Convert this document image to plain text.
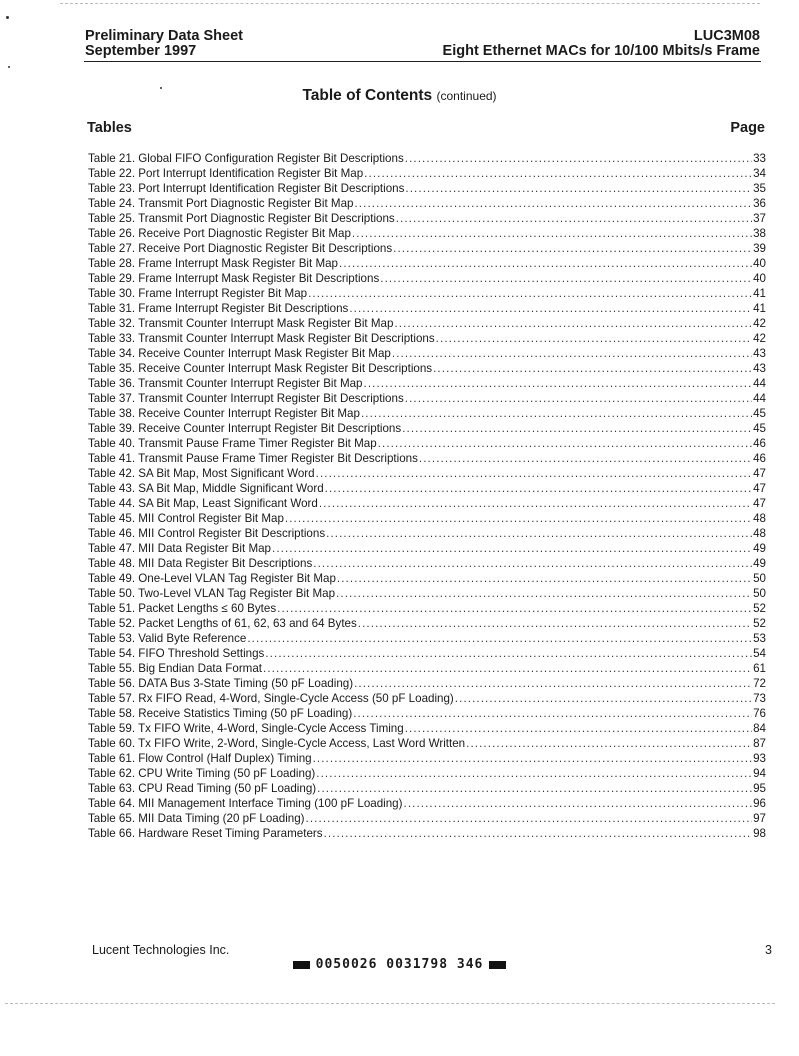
Preliminary Data Sheet
September 1997
LUC3M08
Eight Ethernet MACs for 10/100 Mbits/s Frame
Table of Contents (continued)
Tables	Page
Table 21. Global FIFO Configuration Register Bit Descriptions .....	33
Table 22. Port Interrupt Identification Register Bit Map .....	34
Table 23. Port Interrupt Identification Register Bit Descriptions .....	35
Table 24. Transmit Port Diagnostic Register Bit Map .....	36
Table 25. Transmit Port Diagnostic Register Bit Descriptions .....	37
Table 26. Receive Port Diagnostic Register Bit Map .....	38
Table 27. Receive Port Diagnostic Register Bit Descriptions .....	39
Table 28. Frame Interrupt Mask Register Bit Map .....	40
Table 29. Frame Interrupt Mask Register Bit Descriptions .....	40
Table 30. Frame Interrupt Register Bit Map .....	41
Table 31. Frame Interrupt Register Bit Descriptions .....	41
Table 32. Transmit Counter Interrupt Mask Register Bit Map .....	42
Table 33. Transmit Counter Interrupt Mask Register Bit Descriptions .....	42
Table 34. Receive Counter Interrupt Mask Register Bit Map .....	43
Table 35. Receive Counter Interrupt Mask Register Bit Descriptions .....	43
Table 36. Transmit Counter Interrupt Register Bit Map .....	44
Table 37. Transmit Counter Interrupt Register Bit Descriptions .....	44
Table 38. Receive Counter Interrupt Register Bit Map .....	45
Table 39. Receive Counter Interrupt Register Bit Descriptions .....	45
Table 40. Transmit Pause Frame Timer Register Bit Map .....	46
Table 41. Transmit Pause Frame Timer Register Bit Descriptions .....	46
Table 42. SA Bit Map, Most Significant Word .....	47
Table 43. SA Bit Map, Middle Significant Word .....	47
Table 44. SA Bit Map, Least Significant Word .....	47
Table 45. MII Control Register Bit Map .....	48
Table 46. MII Control Register Bit Descriptions .....	48
Table 47. MII Data Register Bit Map .....	49
Table 48. MII Data Register Bit Descriptions .....	49
Table 49. One-Level VLAN Tag Register Bit Map .....	50
Table 50. Two-Level VLAN Tag Register Bit Map .....	50
Table 51. Packet Lengths ≤ 60 Bytes .....	52
Table 52. Packet Lengths of 61, 62, 63 and 64 Bytes .....	52
Table 53. Valid Byte Reference .....	53
Table 54. FIFO Threshold Settings .....	54
Table 55. Big Endian Data Format .....	61
Table 56. DATA Bus 3-State Timing (50 pF Loading) .....	72
Table 57. Rx FIFO Read, 4-Word, Single-Cycle Access (50 pF Loading) .....	73
Table 58. Receive Statistics Timing (50 pF Loading) .....	76
Table 59. Tx FIFO Write, 4-Word, Single-Cycle Access Timing .....	84
Table 60. Tx FIFO Write, 2-Word, Single-Cycle Access, Last Word Written .....	87
Table 61. Flow Control (Half Duplex) Timing .....	93
Table 62. CPU Write Timing (50 pF Loading) .....	94
Table 63. CPU Read Timing (50 pF Loading) .....	95
Table 64. MII Management Interface Timing (100 pF Loading) .....	96
Table 65. MII Data Timing (20 pF Loading) .....	97
Table 66. Hardware Reset Timing Parameters .....	98
Lucent Technologies Inc.	3
0050026 0031798 346
